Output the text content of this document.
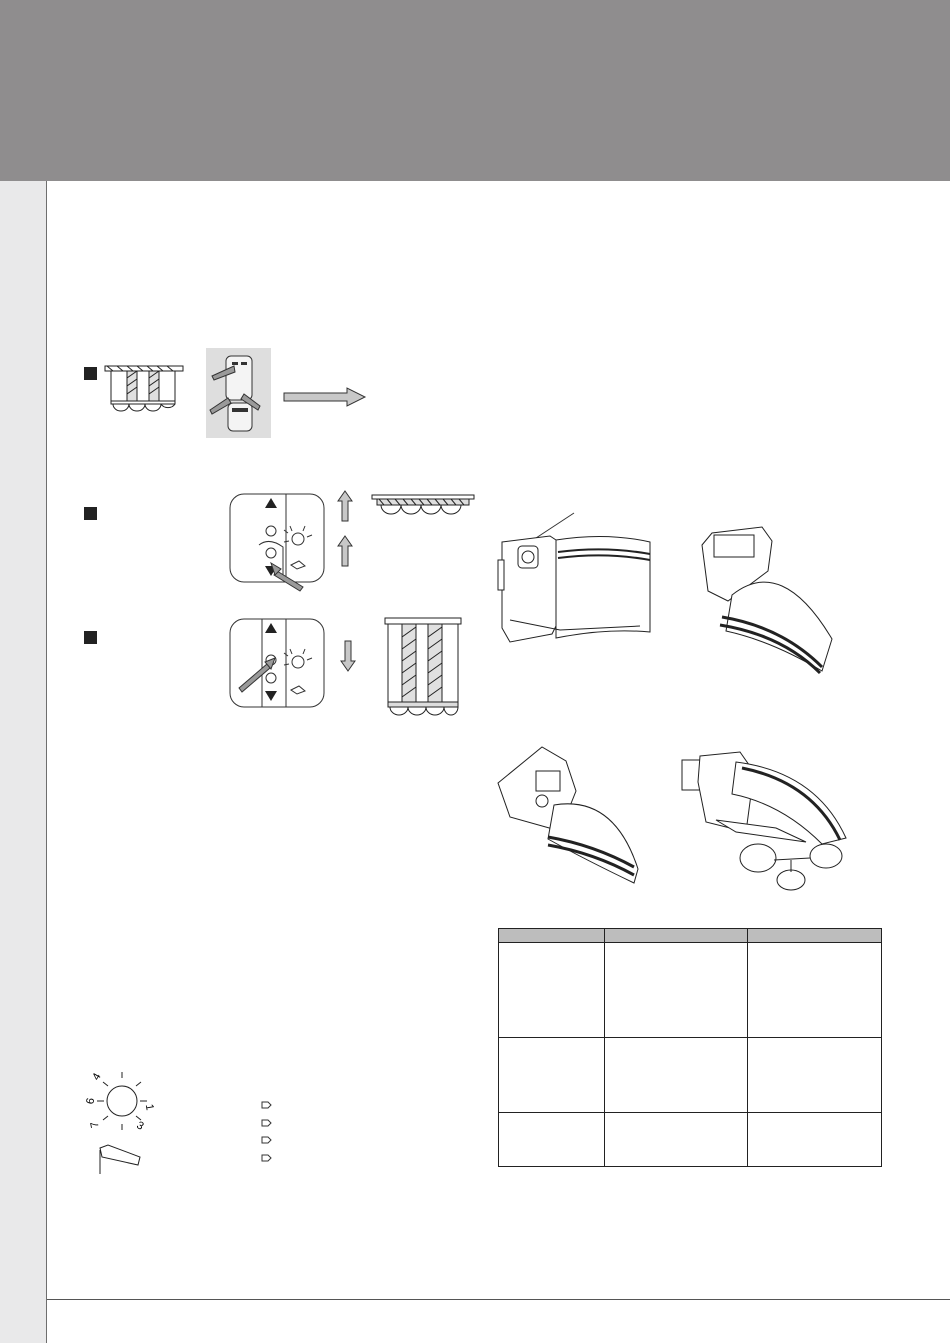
4
6
1
3
7
